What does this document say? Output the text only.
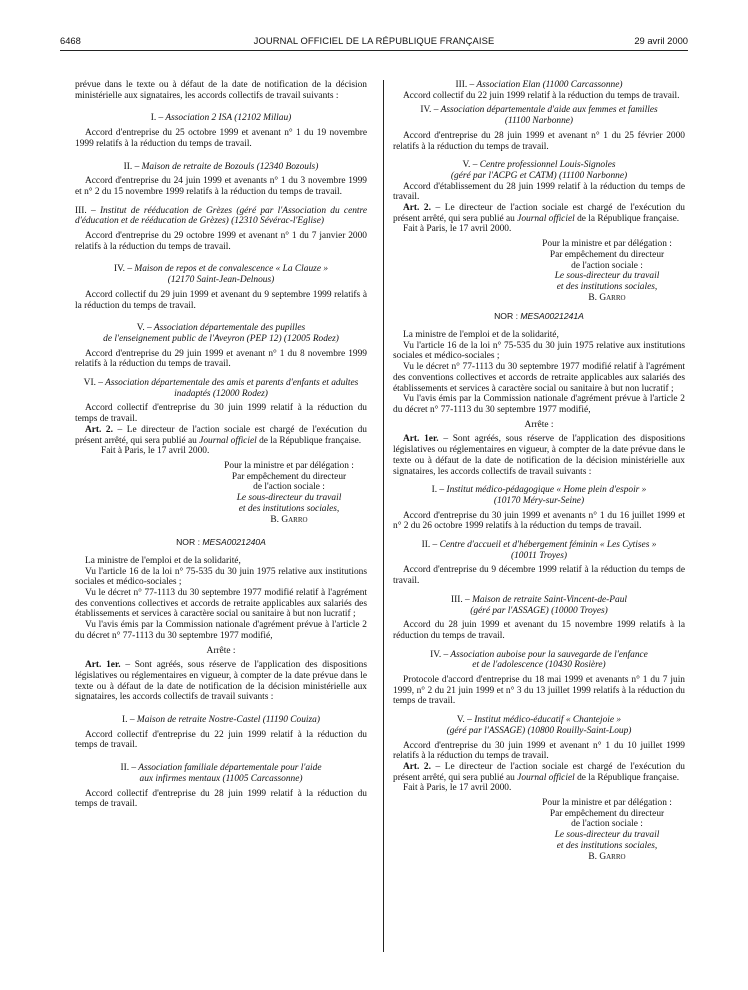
6468	JOURNAL OFFICIEL DE LA RÉPUBLIQUE FRANÇAISE	29 avril 2000

prévue dans le texte ou à défaut de la date de notification de la décision ministérielle aux signataires, les accords collectifs de travail suivants :

I. – Association 2 ISA (12102 Millau)

Accord d'entreprise du 25 octobre 1999 et avenant n° 1 du 19 novembre 1999 relatifs à la réduction du temps de travail.

II. – Maison de retraite de Bozouls (12340 Bozouls)

Accord d'entreprise du 24 juin 1999 et avenants n° 1 du 3 novembre 1999 et n° 2 du 15 novembre 1999 relatifs à la réduction du temps de travail.

III. – Institut de rééducation de Grèzes (géré par l'Association du centre d'éducation et de rééducation de Grèzes) (12310 Sévérac-l'Eglise)

Accord d'entreprise du 29 octobre 1999 et avenant n° 1 du 7 janvier 2000 relatifs à la réduction du temps de travail.

IV. – Maison de repos et de convalescence « La Clauze »
(12170 Saint-Jean-Delnous)

Accord collectif du 29 juin 1999 et avenant du 9 septembre 1999 relatifs à la réduction du temps de travail.

V. – Association départementale des pupilles
de l'enseignement public de l'Aveyron (PEP 12) (12005 Rodez)

Accord d'entreprise du 29 juin 1999 et avenant n° 1 du 8 novembre 1999 relatifs à la réduction du temps de travail.

VI. – Association départementale des amis et parents d'enfants et adultes inadaptés (12000 Rodez)

Accord collectif d'entreprise du 30 juin 1999 relatif à la réduction du temps de travail.

Art. 2. – Le directeur de l'action sociale est chargé de l'exécution du présent arrêté, qui sera publié au Journal officiel de la République française.

Fait à Paris, le 17 avril 2000.

Pour la ministre et par délégation :
Par empêchement du directeur
de l'action sociale :
Le sous-directeur du travail
et des institutions sociales,
B. Garro

NOR : MESA0021240A

La ministre de l'emploi et de la solidarité,

Vu l'article 16 de la loi n° 75-535 du 30 juin 1975 relative aux institutions sociales et médico-sociales ;

Vu le décret n° 77-1113 du 30 septembre 1977 modifié relatif à l'agrément des conventions collectives et accords de retraite applicables aux salariés des établissements et services à caractère social ou sanitaire à but non lucratif ;

Vu l'avis émis par la Commission nationale d'agrément prévue à l'article 2 du décret n° 77-1113 du 30 septembre 1977 modifié,

Arrête :

Art. 1er. – Sont agréés, sous réserve de l'application des dispositions législatives ou réglementaires en vigueur, à compter de la date prévue dans le texte ou à défaut de la date de notification de la décision ministérielle aux signataires, les accords collectifs de travail suivants :

I. – Maison de retraite Nostre-Castel (11190 Couiza)

Accord collectif d'entreprise du 22 juin 1999 relatif à la réduction du temps de travail.

II. – Association familiale départementale pour l'aide
aux infirmes mentaux (11005 Carcassonne)

Accord collectif d'entreprise du 28 juin 1999 relatif à la réduction du temps de travail.

III. – Association Elan (11000 Carcassonne)

Accord collectif du 22 juin 1999 relatif à la réduction du temps de travail.

IV. – Association départementale d'aide aux femmes et familles
(11100 Narbonne)

Accord d'entreprise du 28 juin 1999 et avenant n° 1 du 25 février 2000 relatifs à la réduction du temps de travail.

V. – Centre professionnel Louis-Signoles
(géré par l'ACPG et CATM) (11100 Narbonne)

Accord d'établissement du 28 juin 1999 relatif à la réduction du temps de travail.

Art. 2. – Le directeur de l'action sociale est chargé de l'exécution du présent arrêté, qui sera publié au Journal officiel de la République française.

Fait à Paris, le 17 avril 2000.

Pour la ministre et par délégation :
Par empêchement du directeur
de l'action sociale :
Le sous-directeur du travail
et des institutions sociales,
B. Garro

NOR : MESA0021241A

La ministre de l'emploi et de la solidarité,

Vu l'article 16 de la loi n° 75-535 du 30 juin 1975 relative aux institutions sociales et médico-sociales ;

Vu le décret n° 77-1113 du 30 septembre 1977 modifié relatif à l'agrément des conventions collectives et accords de retraite applicables aux salariés des établissements et services à caractère social ou sanitaire à but non lucratif ;

Vu l'avis émis par la Commission nationale d'agrément prévue à l'article 2 du décret n° 77-1113 du 30 septembre 1977 modifié,

Arrête :

Art. 1er. – Sont agréés, sous réserve de l'application des dispositions législatives ou réglementaires en vigueur, à compter de la date prévue dans le texte ou à défaut de la date de notification de la décision ministérielle aux signataires, les accords collectifs de travail suivants :

I. – Institut médico-pédagogique « Home plein d'espoir »
(10170 Méry-sur-Seine)

Accord d'entreprise du 30 juin 1999 et avenants n° 1 du 16 juillet 1999 et n° 2 du 26 octobre 1999 relatifs à la réduction du temps de travail.

II. – Centre d'accueil et d'hébergement féminin « Les Cytises »
(10011 Troyes)

Accord d'entreprise du 9 décembre 1999 relatif à la réduction du temps de travail.

III. – Maison de retraite Saint-Vincent-de-Paul
(géré par l'ASSAGE) (10000 Troyes)

Accord du 28 juin 1999 et avenant du 15 novembre 1999 relatifs à la réduction du temps de travail.

IV. – Association auboise pour la sauvegarde de l'enfance
et de l'adolescence (10430 Rosière)

Protocole d'accord d'entreprise du 18 mai 1999 et avenants n° 1 du 7 juin 1999, n° 2 du 21 juin 1999 et n° 3 du 13 juillet 1999 relatifs à la réduction du temps de travail.

V. – Institut médico-éducatif « Chantejoie »
(géré par l'ASSAGE) (10800 Rouilly-Saint-Loup)

Accord d'entreprise du 30 juin 1999 et avenant n° 1 du 10 juillet 1999 relatifs à la réduction du temps de travail.

Art. 2. – Le directeur de l'action sociale est chargé de l'exécution du présent arrêté, qui sera publié au Journal officiel de la République française.

Fait à Paris, le 17 avril 2000.

Pour la ministre et par délégation :
Par empêchement du directeur
de l'action sociale :
Le sous-directeur du travail
et des institutions sociales,
B. Garro
